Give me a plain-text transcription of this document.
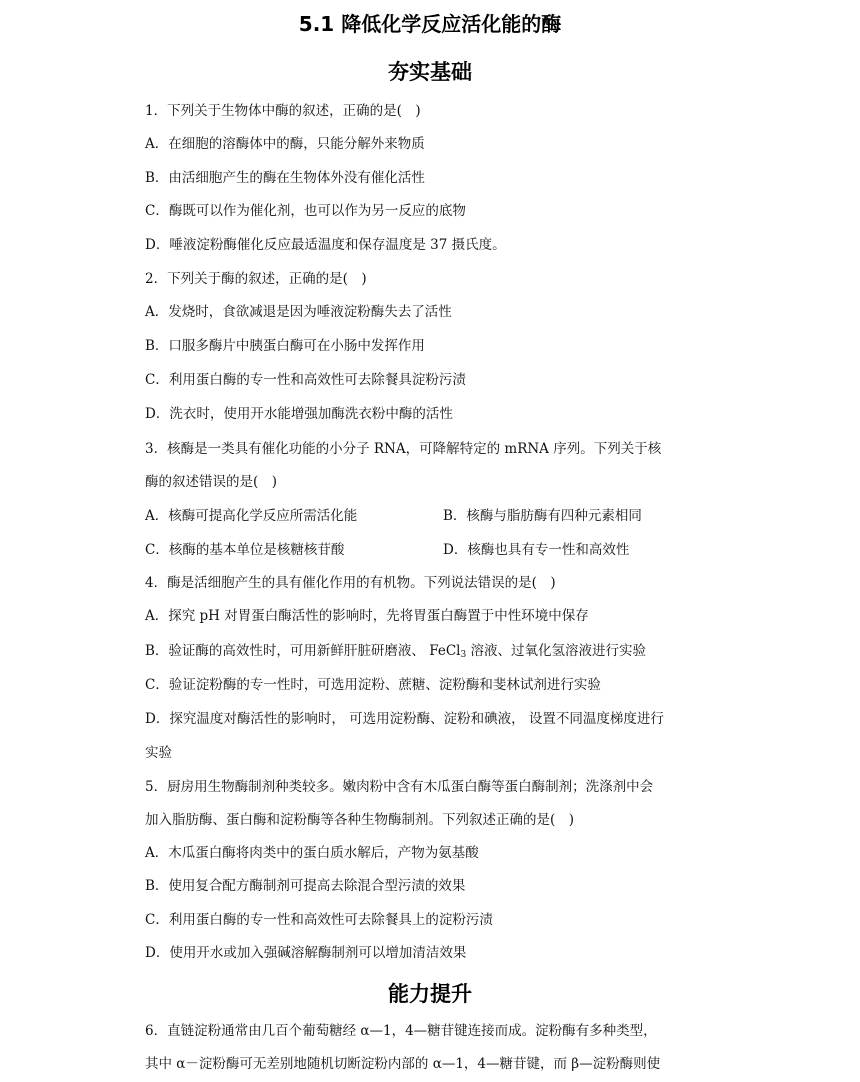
5.1 降低化学反应活化能的酶
夯实基础
1．下列关于生物体中酶的叙述，正确的是(　)
A．在细胞的溶酶体中的酶，只能分解外来物质
B．由活细胞产生的酶在生物体外没有催化活性
C．酶既可以作为催化剂，也可以作为另一反应的底物
D．唾液淀粉酶催化反应最适温度和保存温度是 37 摄氏度。
2．下列关于酶的叙述，正确的是(　)
A．发烧时，食欲减退是因为唾液淀粉酶失去了活性
B．口服多酶片中胰蛋白酶可在小肠中发挥作用
C．利用蛋白酶的专一性和高效性可去除餐具淀粉污渍
D．洗衣时，使用开水能增强加酶洗衣粉中酶的活性
3．核酶是一类具有催化功能的小分子 RNA，可降解特定的 mRNA 序列。下列关于核
酶的叙述错误的是(　)
A．核酶可提高化学反应所需活化能	B．核酶与脂肪酶有四种元素相同
C．核酶的基本单位是核糖核苷酸	D．核酶也具有专一性和高效性
4．酶是活细胞产生的具有催化作用的有机物。下列说法错误的是(　)
A．探究 pH 对胃蛋白酶活性的影响时，先将胃蛋白酶置于中性环境中保存
B．验证酶的高效性时，可用新鲜肝脏研磨液、 FeCl$_3$ 溶液、过氧化氢溶液进行实验
C．验证淀粉酶的专一性时，可选用淀粉、蔗糖、淀粉酶和斐林试剂进行实验
D．探究温度对酶活性的影响时， 可选用淀粉酶、淀粉和碘液， 设置不同温度梯度进行
实验
5．厨房用生物酶制剂种类较多。嫩肉粉中含有木瓜蛋白酶等蛋白酶制剂；洗涤剂中会
加入脂肪酶、蛋白酶和淀粉酶等各种生物酶制剂。下列叙述正确的是(　)
A．木瓜蛋白酶将肉类中的蛋白质水解后，产物为氨基酸
B．使用复合配方酶制剂可提高去除混合型污渍的效果
C．利用蛋白酶的专一性和高效性可去除餐具上的淀粉污渍
D．使用开水或加入强碱溶解酶制剂可以增加清洁效果
能力提升
6．直链淀粉通常由几百个葡萄糖经 α—1，4—糖苷键连接而成。淀粉酶有多种类型，
其中 α－淀粉酶可无差别地随机切断淀粉内部的 α—1，4—糖苷键，而 β—淀粉酶则使
